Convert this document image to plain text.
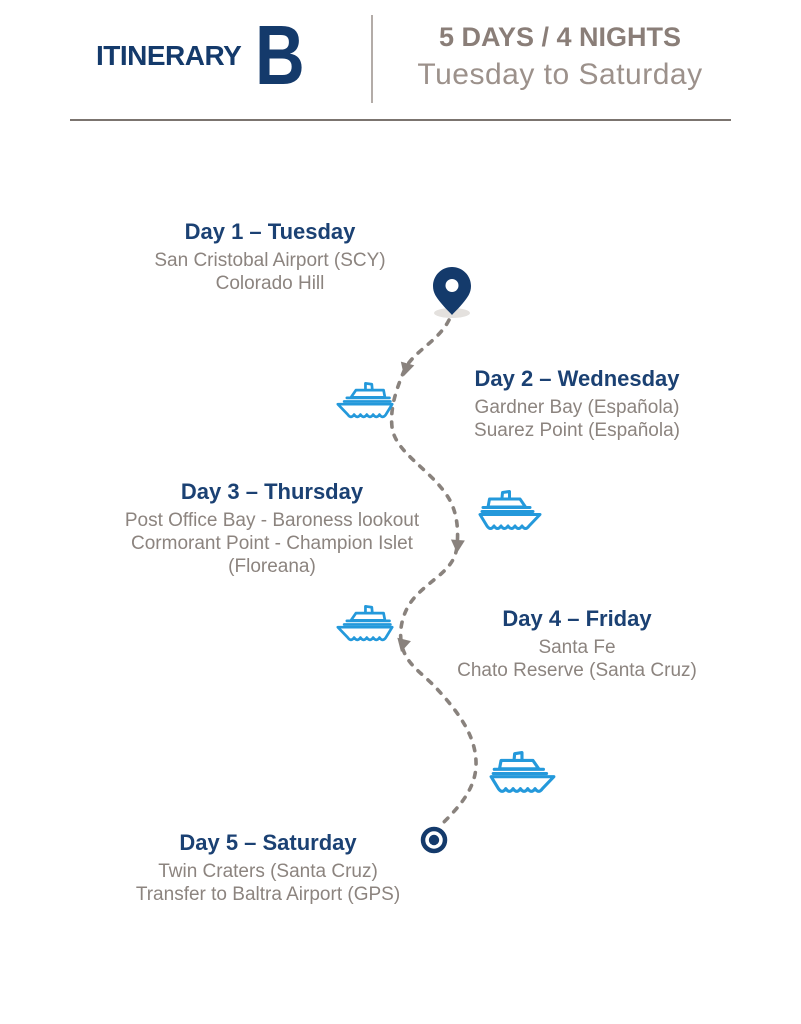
ITINERARY B	5 DAYS / 4 NIGHTS
Tuesday to Saturday
Day 1 – Tuesday

San Cristobal Airport (SCY)

Colorado Hill

Day 2 – Wednesday

Gardner Bay (Española)

Suarez Point (Española)

Day 3 – Thursday

Post Office Bay - Baroness lookout

Cormorant Point - Champion Islet

(Floreana)

Day 4 – Friday

Santa Fe

Chato Reserve (Santa Cruz)

Day 5 – Saturday

Twin Craters (Santa Cruz)

Transfer to Baltra Airport (GPS)
